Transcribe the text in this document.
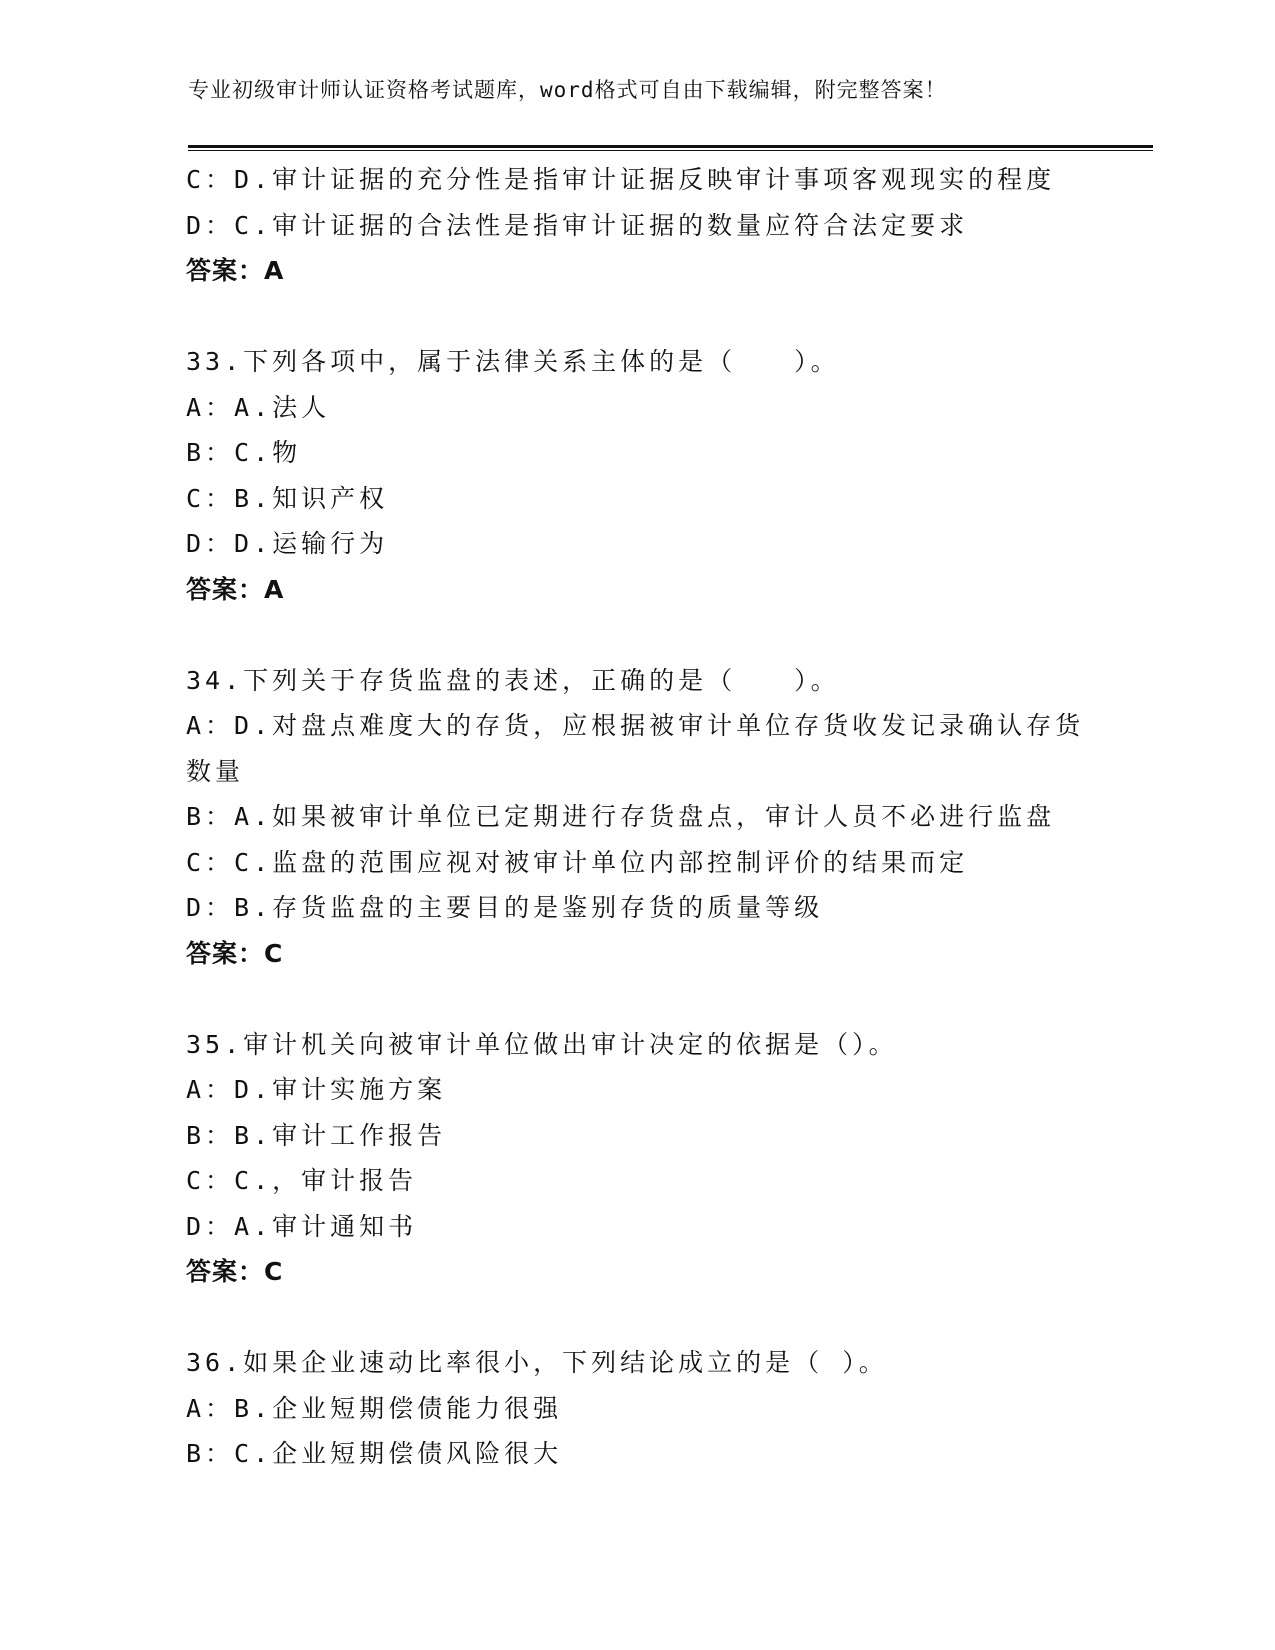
专业初级审计师认证资格考试题库，word格式可自由下载编辑，附完整答案！
C：D.审计证据的充分性是指审计证据反映审计事项客观现实的程度
D：C.审计证据的合法性是指审计证据的数量应符合法定要求
答案：A
33.下列各项中，属于法律关系主体的是（　　）。
A：A.法人
B：C.物
C：B.知识产权
D：D.运输行为
答案：A
34.下列关于存货监盘的表述，正确的是（　　）。
A：D.对盘点难度大的存货，应根据被审计单位存货收发记录确认存货数量
B：A.如果被审计单位已定期进行存货盘点，审计人员不必进行监盘
C：C.监盘的范围应视对被审计单位内部控制评价的结果而定
D：B.存货监盘的主要目的是鉴别存货的质量等级
答案：C
35.审计机关向被审计单位做出审计决定的依据是（）。
A：D.审计实施方案
B：B.审计工作报告
C：C.，审计报告
D：A.审计通知书
答案：C
36.如果企业速动比率很小，下列结论成立的是（ ）。
A：B.企业短期偿债能力很强
B：C.企业短期偿债风险很大
